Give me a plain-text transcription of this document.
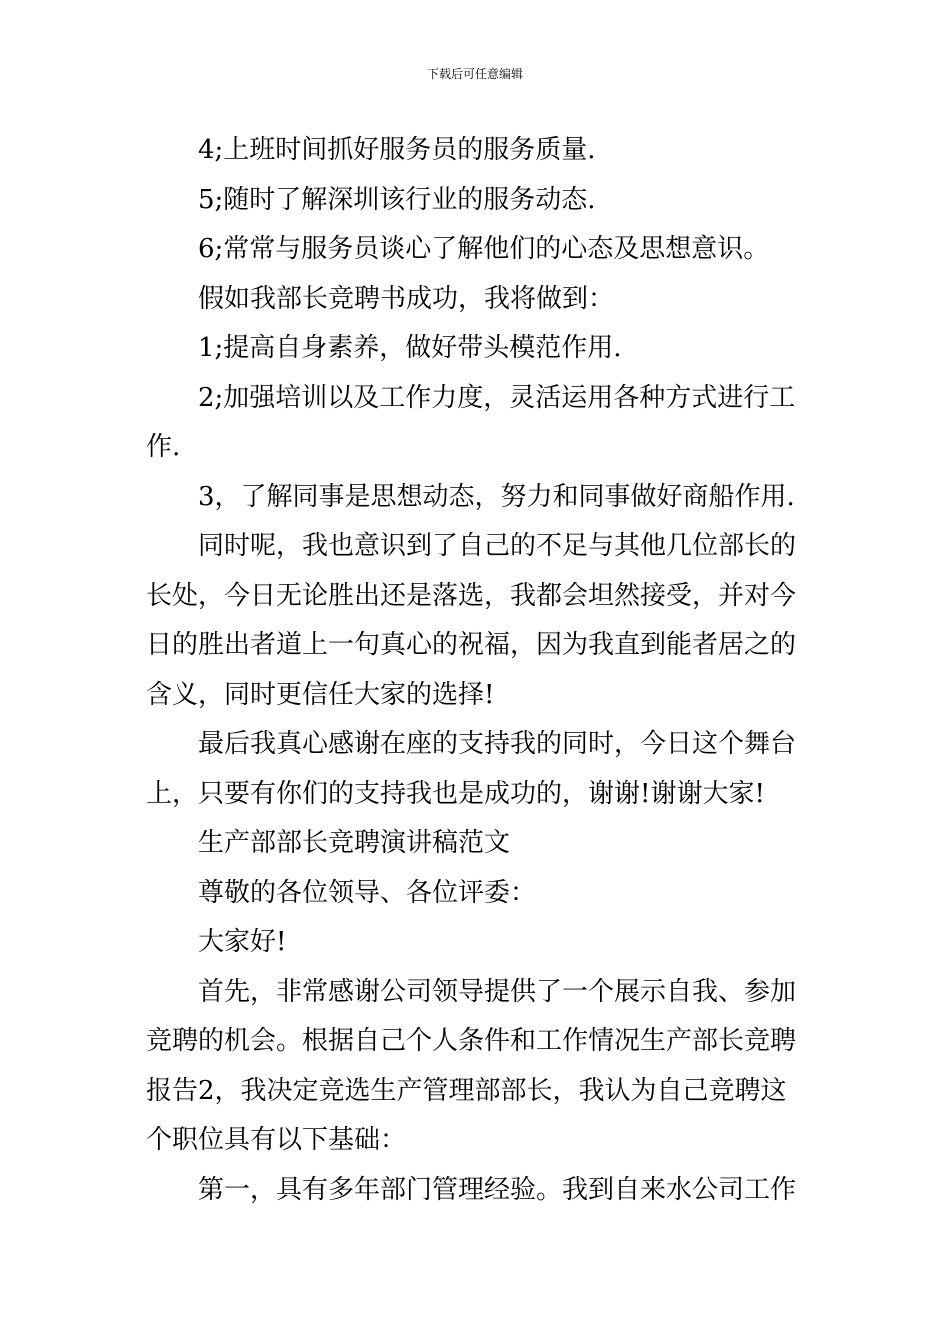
下载后可任意编辑

4;上班时间抓好服务员的服务质量.

5;随时了解深圳该行业的服务动态.

6;常常与服务员谈心了解他们的心态及思想意识。

假如我部长竞聘书成功，我将做到：

1;提高自身素养，做好带头模范作用.

2;加强培训以及工作力度，灵活运用各种方式进行工作.

3，了解同事是思想动态，努力和同事做好商船作用.

同时呢，我也意识到了自己的不足与其他几位部长的长处，今日无论胜出还是落选，我都会坦然接受，并对今日的胜出者道上一句真心的祝福，因为我直到能者居之的含义，同时更信任大家的选择!

最后我真心感谢在座的支持我的同时，今日这个舞台上，只要有你们的支持我也是成功的，谢谢!谢谢大家!

生产部部长竞聘演讲稿范文

尊敬的各位领导、各位评委：

大家好!

首先，非常感谢公司领导提供了一个展示自我、参加竞聘的机会。根据自己个人条件和工作情况生产部长竞聘报告2，我决定竞选生产管理部部长，我认为自己竞聘这个职位具有以下基础：

第一，具有多年部门管理经验。我到自来水公司工作
